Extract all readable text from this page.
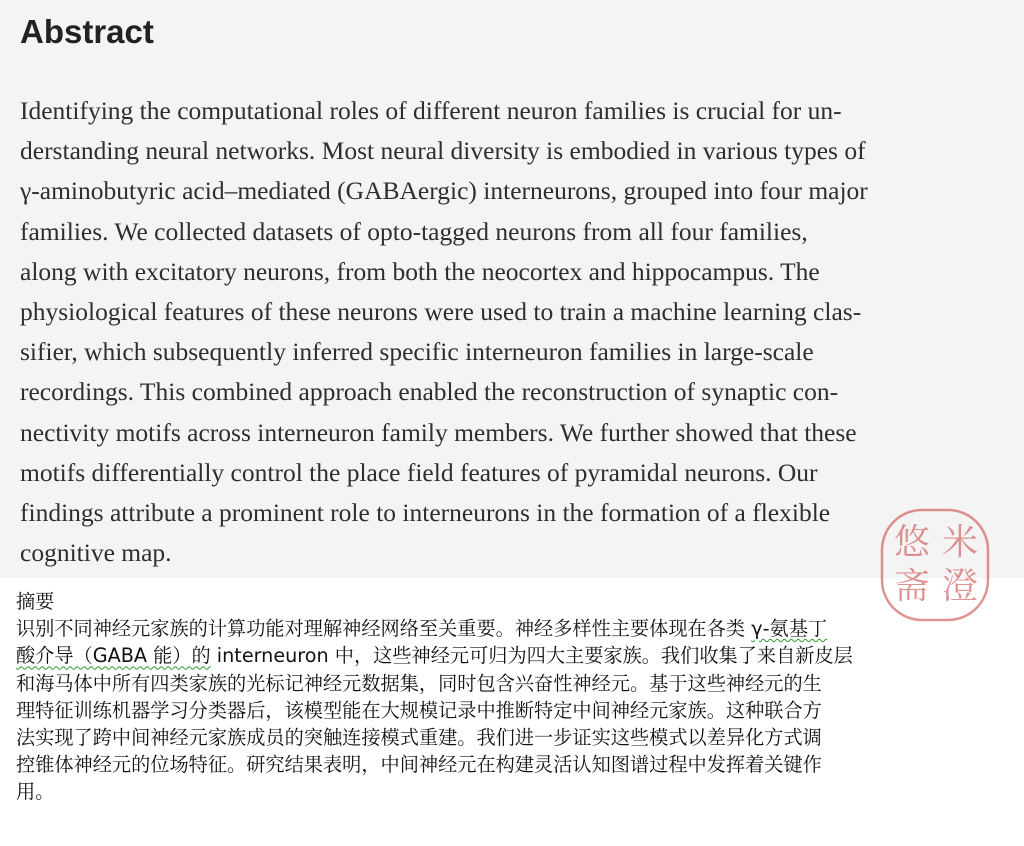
Abstract
Identifying the computational roles of different neuron families is crucial for un-
derstanding neural networks. Most neural diversity is embodied in various types of
γ-aminobutyric acid–mediated (GABAergic) interneurons, grouped into four major
families. We collected datasets of opto-tagged neurons from all four families,
along with excitatory neurons, from both the neocortex and hippocampus. The
physiological features of these neurons were used to train a machine learning clas-
sifier, which subsequently inferred specific interneuron families in large-scale
recordings. This combined approach enabled the reconstruction of synaptic con-
nectivity motifs across interneuron family members. We further showed that these
motifs differentially control the place field features of pyramidal neurons. Our
findings attribute a prominent role to interneurons in the formation of a flexible
cognitive map.
摘要
识别不同神经元家族的计算功能对理解神经网络至关重要。神经多样性主要体现在各类 γ-氨基丁
酸介导（GABA 能）的 interneuron 中，这些神经元可归为四大主要家族。我们收集了来自新皮层
和海马体中所有四类家族的光标记神经元数据集，同时包含兴奋性神经元。基于这些神经元的生
理特征训练机器学习分类器后，该模型能在大规模记录中推断特定中间神经元家族。这种联合方
法实现了跨中间神经元家族成员的突触连接模式重建。我们进一步证实这些模式以差异化方式调
控锥体神经元的位场特征。研究结果表明，中间神经元在构建灵活认知图谱过程中发挥着关键作
用。
米
澄
悠
斋
